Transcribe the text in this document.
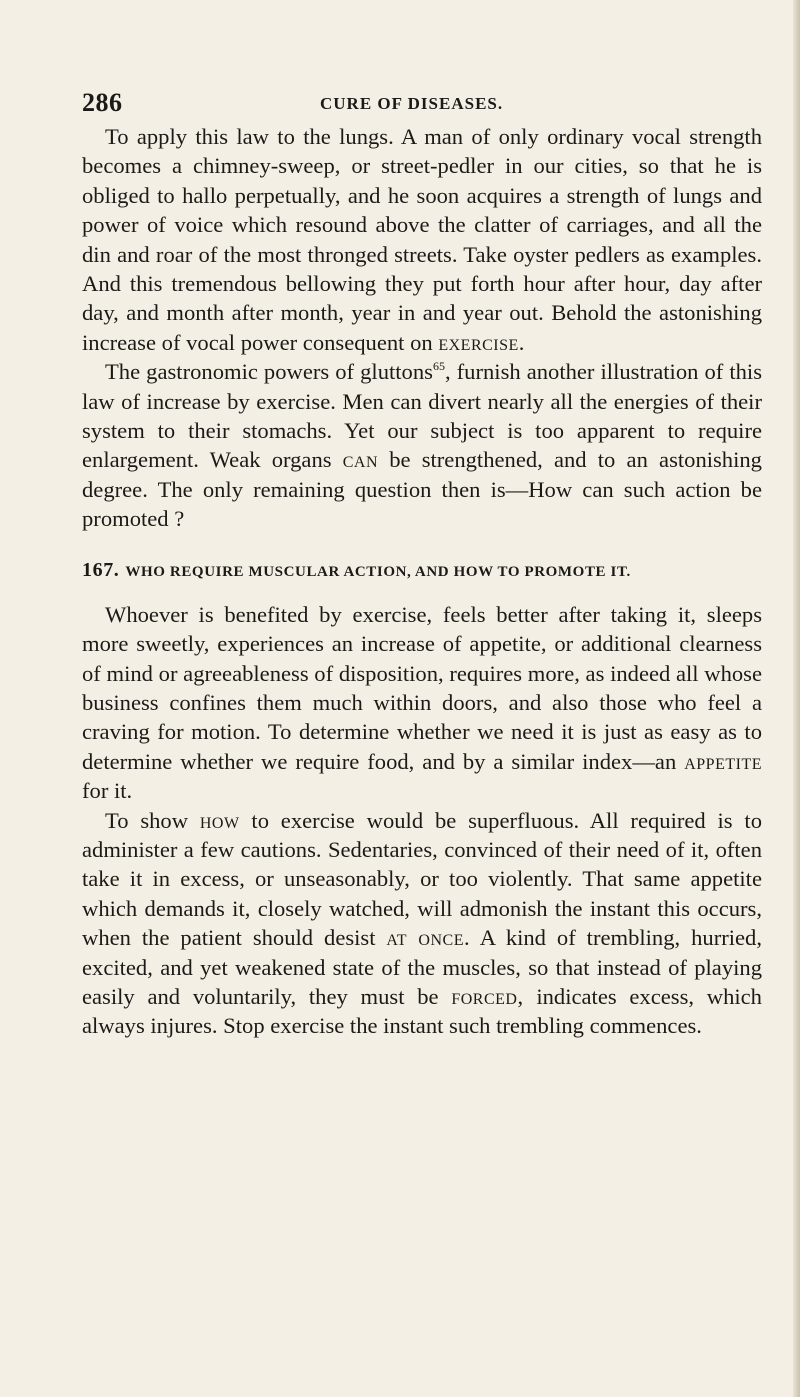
286	CURE OF DISEASES.

To apply this law to the lungs. A man of only ordinary vocal strength becomes a chimney-sweep, or street-pedler in our cities, so that he is obliged to hallo perpetually, and he soon acquires a strength of lungs and power of voice which resound above the clatter of carriages, and all the din and roar of the most thronged streets. Take oyster pedlers as examples. And this tremendous bellowing they put forth hour after hour, day after day, and month after month, year in and year out. Behold the astonishing increase of vocal power consequent on exercise.

The gastronomic powers of gluttons$^{65}$, furnish another illustration of this law of increase by exercise. Men can divert nearly all the energies of their system to their stomachs. Yet our subject is too apparent to require enlargement. Weak organs can be strengthened, and to an astonishing degree. The only remaining question then is—How can such action be promoted ?

167. WHO REQUIRE MUSCULAR ACTION, AND HOW TO PROMOTE IT.

Whoever is benefited by exercise, feels better after taking it, sleeps more sweetly, experiences an increase of appetite, or additional clearness of mind or agreeableness of disposition, requires more, as indeed all whose business confines them much within doors, and also those who feel a craving for motion. To determine whether we need it is just as easy as to determine whether we require food, and by a similar index—an appetite for it.

To show how to exercise would be superfluous. All required is to administer a few cautions. Sedentaries, convinced of their need of it, often take it in excess, or unseasonably, or too violently. That same appetite which demands it, closely watched, will admonish the instant this occurs, when the patient should desist at once. A kind of trembling, hurried, excited, and yet weakened state of the muscles, so that instead of playing easily and voluntarily, they must be forced, indicates excess, which always injures. Stop exercise the instant such trembling commences.
